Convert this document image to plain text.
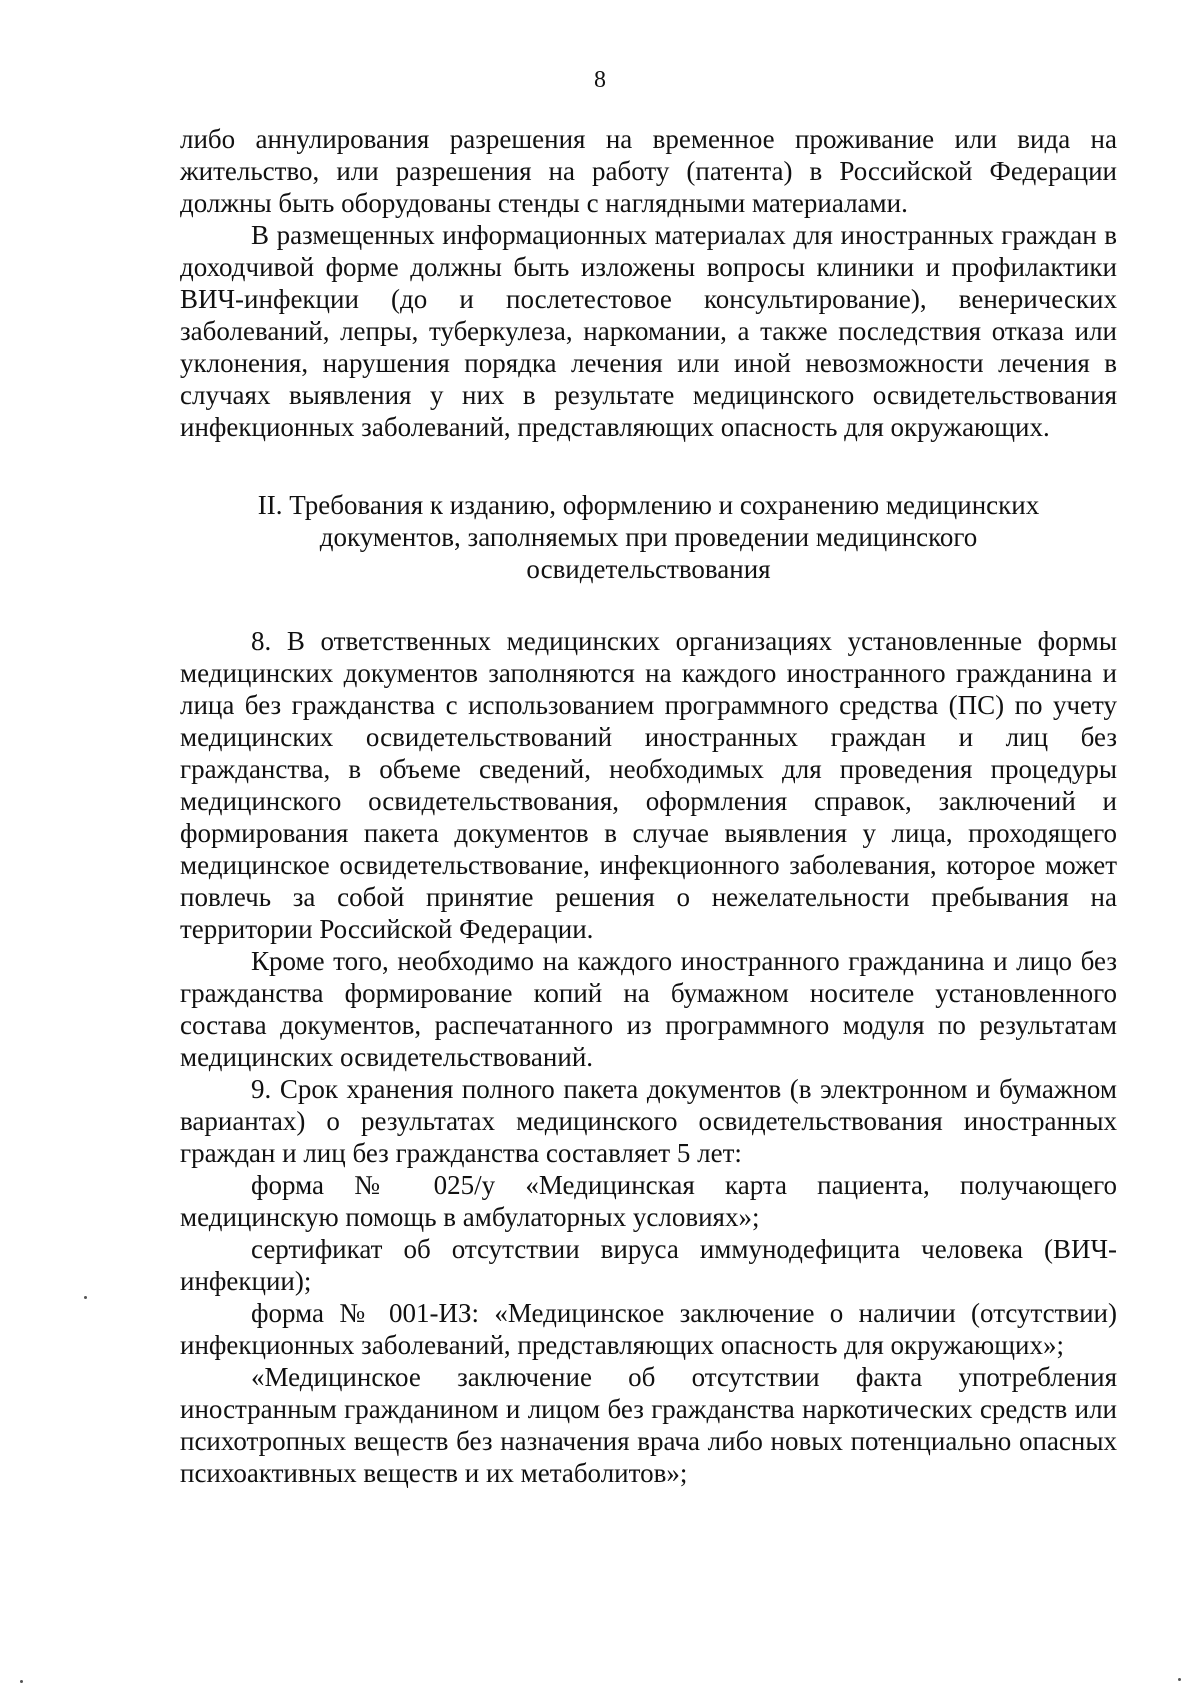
8

либо аннулирования разрешения на временное проживание или вида на жительство, или разрешения на работу (патента) в Российской Федерации должны быть оборудованы стенды с наглядными материалами.

В размещенных информационных материалах для иностранных граждан в доходчивой форме должны быть изложены вопросы клиники и профилактики ВИЧ-инфекции (до и послетестовое консультирование), венерических заболеваний, лепры, туберкулеза, наркомании, а также последствия отказа или уклонения, нарушения порядка лечения или иной невозможности лечения в случаях выявления у них в результате медицинского освидетельствования инфекционных заболеваний, представляющих опасность для окружающих.

II. Требования к изданию, оформлению и сохранению медицинских
документов, заполняемых при проведении медицинского
освидетельствования

8. В ответственных медицинских организациях установленные формы медицинских документов заполняются на каждого иностранного гражданина и лица без гражданства с использованием программного средства (ПС) по учету медицинских освидетельствований иностранных граждан и лиц без гражданства, в объеме сведений, необходимых для проведения процедуры медицинского освидетельствования, оформления справок, заключений и формирования пакета документов в случае выявления у лица, проходящего медицинское освидетельствование, инфекционного заболевания, которое может повлечь за собой принятие решения о нежелательности пребывания на территории Российской Федерации.

Кроме того, необходимо на каждого иностранного гражданина и лицо без гражданства формирование копий на бумажном носителе установленного состава документов, распечатанного из программного модуля по результатам медицинских освидетельствований.

9. Срок хранения полного пакета документов (в электронном и бумажном вариантах) о результатах медицинского освидетельствования иностранных граждан и лиц без гражданства составляет 5 лет:

форма № 025/у «Медицинская карта пациента, получающего медицинскую помощь в амбулаторных условиях»;

сертификат об отсутствии вируса иммунодефицита человека (ВИЧ-инфекции);

форма № 001-ИЗ: «Медицинское заключение о наличии (отсутствии) инфекционных заболеваний, представляющих опасность для окружающих»;

«Медицинское заключение об отсутствии факта употребления иностранным гражданином и лицом без гражданства наркотических средств или психотропных веществ без назначения врача либо новых потенциально опасных психоактивных веществ и их метаболитов»;
